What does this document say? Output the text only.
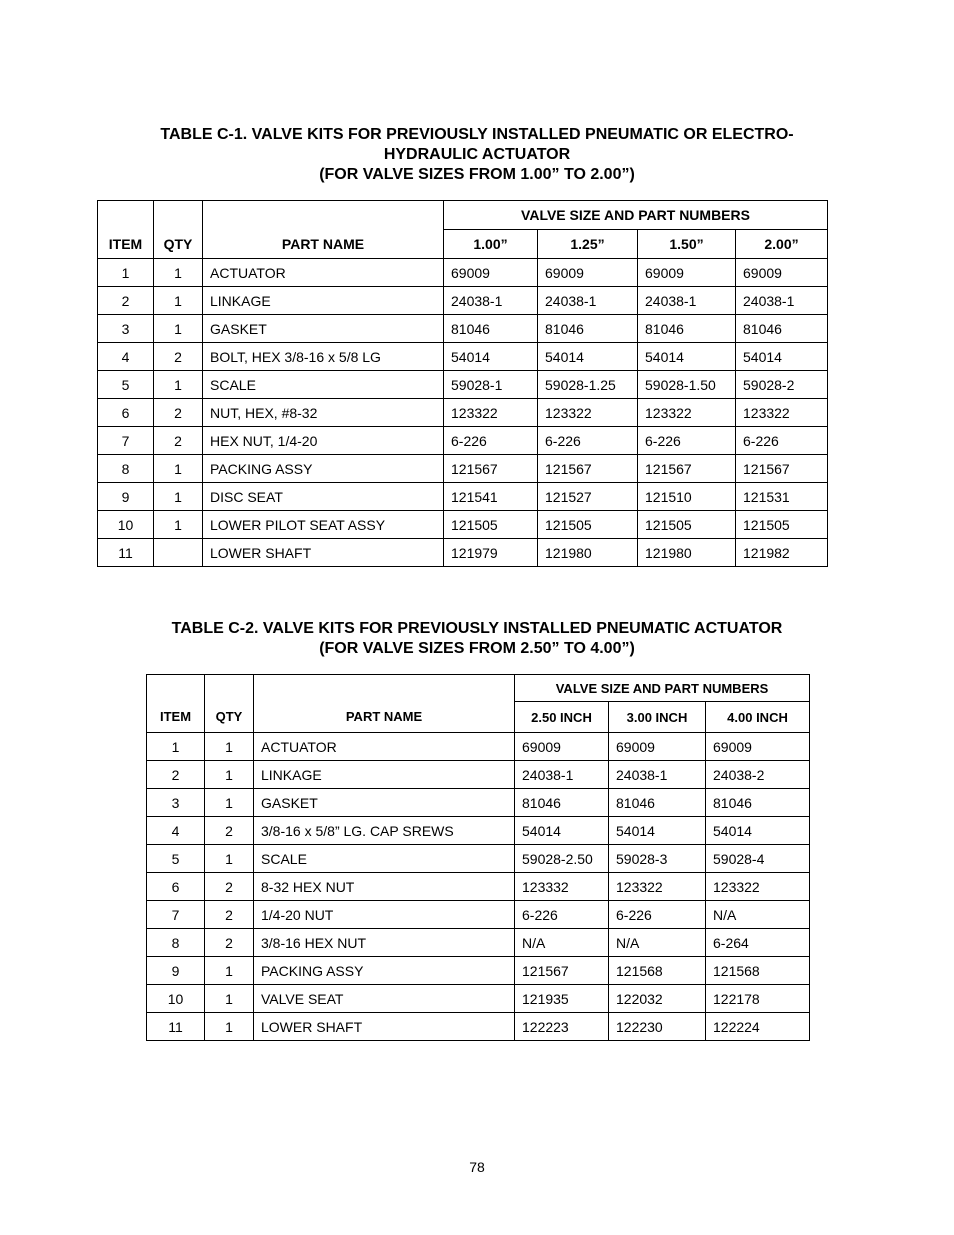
TABLE C-1. VALVE KITS FOR PREVIOUSLY INSTALLED PNEUMATIC OR ELECTRO-
HYDRAULIC ACTUATOR
(FOR VALVE SIZES FROM 1.00” TO 2.00”)
			VALVE SIZE AND PART NUMBERS			
ITEM	QTY	PART NAME	1.00”	1.25”	1.50”	2.00”
1	1	ACTUATOR	69009	69009	69009	69009
2	1	LINKAGE	24038-1	24038-1	24038-1	24038-1
3	1	GASKET	81046	81046	81046	81046
4	2	BOLT, HEX 3/8-16 x 5/8 LG	54014	54014	54014	54014
5	1	SCALE	59028-1	59028-1.25	59028-1.50	59028-2
6	2	NUT, HEX, #8-32	123322	123322	123322	123322
7	2	HEX NUT, 1/4-20	6-226	6-226	6-226	6-226
8	1	PACKING ASSY	121567	121567	121567	121567
9	1	DISC SEAT	121541	121527	121510	121531
10	1	LOWER PILOT SEAT ASSY	121505	121505	121505	121505
11		LOWER SHAFT	121979	121980	121980	121982
TABLE C-2. VALVE KITS FOR PREVIOUSLY INSTALLED PNEUMATIC ACTUATOR
(FOR VALVE SIZES FROM 2.50” TO 4.00”)
			VALVE SIZE AND PART NUMBERS		
ITEM	QTY	PART NAME	2.50 INCH	3.00 INCH	4.00 INCH
1	1	ACTUATOR	69009	69009	69009
2	1	LINKAGE	24038-1	24038-1	24038-2
3	1	GASKET	81046	81046	81046
4	2	3/8-16 x 5/8” LG. CAP SREWS	54014	54014	54014
5	1	SCALE	59028-2.50	59028-3	59028-4
6	2	8-32 HEX NUT	123332	123322	123322
7	2	1/4-20 NUT	6-226	6-226	N/A
8	2	3/8-16 HEX NUT	N/A	N/A	6-264
9	1	PACKING ASSY	121567	121568	121568
10	1	VALVE SEAT	121935	122032	122178
11	1	LOWER SHAFT	122223	122230	122224
78
